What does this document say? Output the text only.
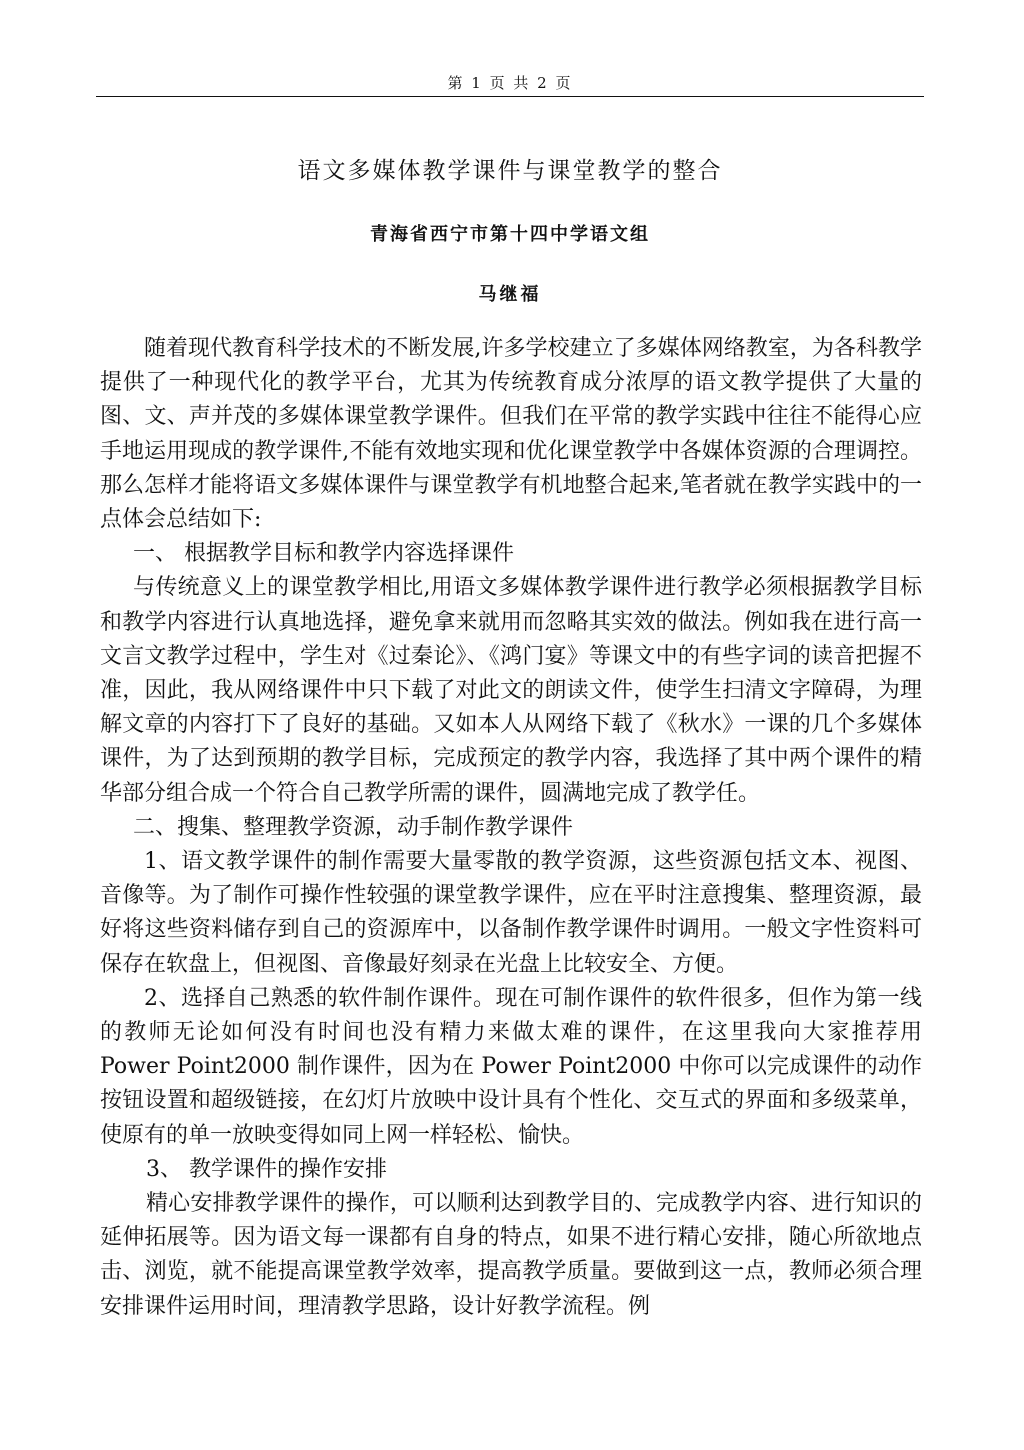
第 1 页 共 2 页
语文多媒体教学课件与课堂教学的整合
青海省西宁市第十四中学语文组
马继福

随着现代教育科学技术的不断发展,许多学校建立了多媒体网络教室，为各科教学提供了一种现代化的教学平台，尤其为传统教育成分浓厚的语文教学提供了大量的图、文、声并茂的多媒体课堂教学课件。但我们在平常的教学实践中往往不能得心应手地运用现成的教学课件,不能有效地实现和优化课堂教学中各媒体资源的合理调控。那么怎样才能将语文多媒体课件与课堂教学有机地整合起来,笔者就在教学实践中的一点体会总结如下:

一、 根据教学目标和教学内容选择课件

与传统意义上的课堂教学相比,用语文多媒体教学课件进行教学必须根据教学目标和教学内容进行认真地选择，避免拿来就用而忽略其实效的做法。例如我在进行高一文言文教学过程中，学生对《过秦论》、《鸿门宴》等课文中的有些字词的读音把握不准，因此，我从网络课件中只下载了对此文的朗读文件，使学生扫清文字障碍，为理解文章的内容打下了良好的基础。又如本人从网络下载了《秋水》一课的几个多媒体课件，为了达到预期的教学目标，完成预定的教学内容，我选择了其中两个课件的精华部分组合成一个符合自己教学所需的课件，圆满地完成了教学任。

二、搜集、整理教学资源，动手制作教学课件

1、语文教学课件的制作需要大量零散的教学资源，这些资源包括文本、视图、音像等。为了制作可操作性较强的课堂教学课件，应在平时注意搜集、整理资源，最好将这些资料储存到自己的资源库中，以备制作教学课件时调用。一般文字性资料可保存在软盘上，但视图、音像最好刻录在光盘上比较安全、方便。

2、选择自己熟悉的软件制作课件。现在可制作课件的软件很多，但作为第一线的教师无论如何没有时间也没有精力来做太难的课件，在这里我向大家推荐用 Power Point2000 制作课件，因为在 Power Point2000 中你可以完成课件的动作按钮设置和超级链接，在幻灯片放映中设计具有个性化、交互式的界面和多级菜单，使原有的单一放映变得如同上网一样轻松、愉快。

3、 教学课件的操作安排

精心安排教学课件的操作，可以顺利达到教学目的、完成教学内容、进行知识的延伸拓展等。因为语文每一课都有自身的特点，如果不进行精心安排，随心所欲地点击、浏览，就不能提高课堂教学效率，提高教学质量。要做到这一点，教师必须合理安排课件运用时间，理清教学思路，设计好教学流程。例
